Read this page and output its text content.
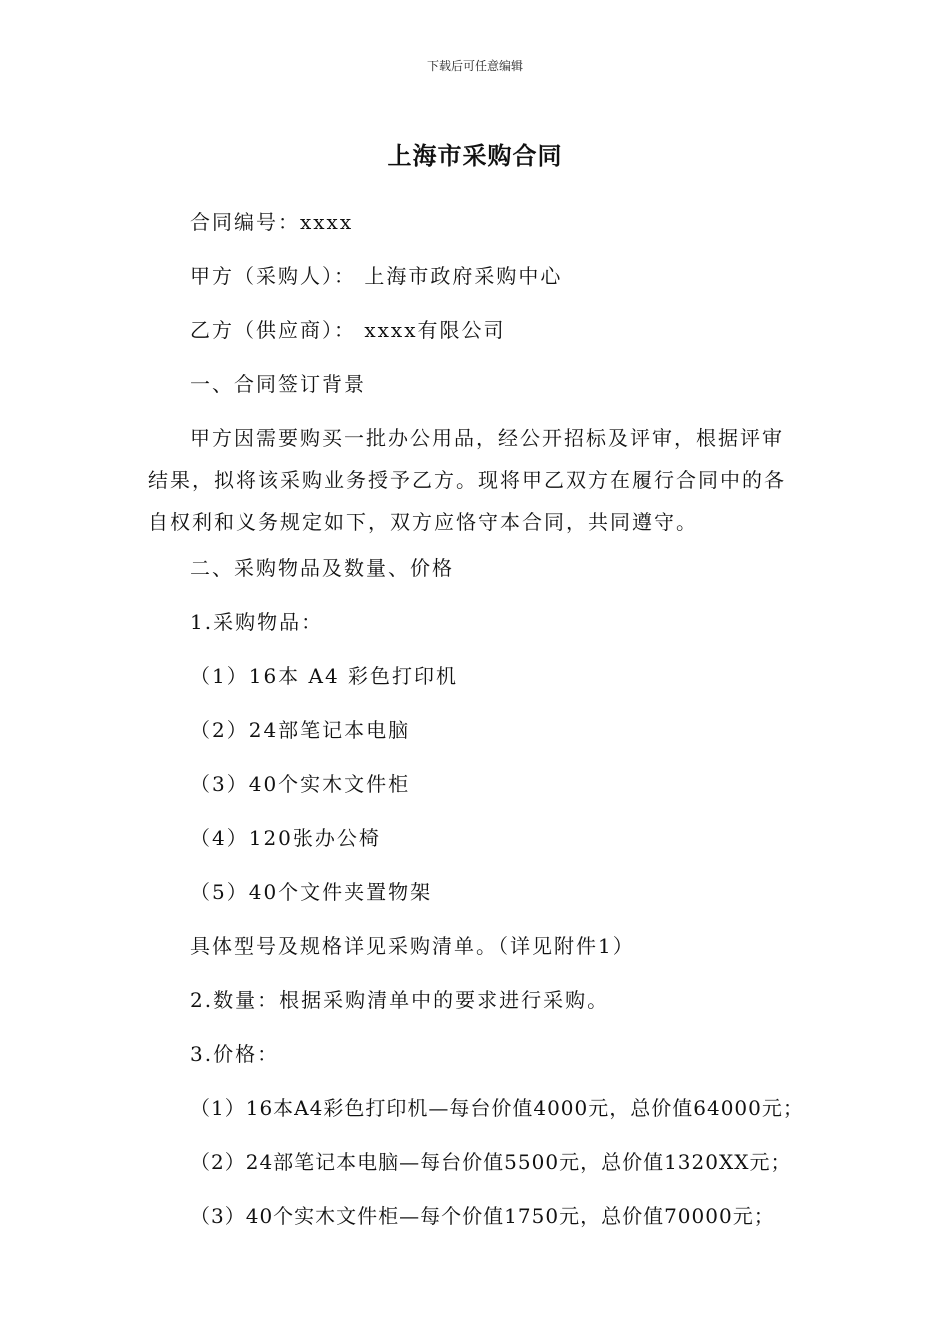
下载后可任意编辑
上海市采购合同
合同编号：xxxx
甲方（采购人）： 上海市政府采购中心
乙方（供应商）： xxxx有限公司
一、合同签订背景
甲方因需要购买一批办公用品，经公开招标及评审，根据评审
结果，拟将该采购业务授予乙方。现将甲乙双方在履行合同中的各
自权利和义务规定如下，双方应恪守本合同，共同遵守。
二、采购物品及数量、价格
1.采购物品：
（1）16本 A4 彩色打印机
（2）24部笔记本电脑
（3）40个实木文件柜
（4）120张办公椅
（5）40个文件夹置物架
具体型号及规格详见采购清单。（详见附件1）
2.数量：根据采购清单中的要求进行采购。
3.价格：
（1）16本A4彩色打印机—每台价值4000元，总价值64000元；
（2）24部笔记本电脑—每台价值5500元，总价值1320XX元；
（3）40个实木文件柜—每个价值1750元，总价值70000元；
